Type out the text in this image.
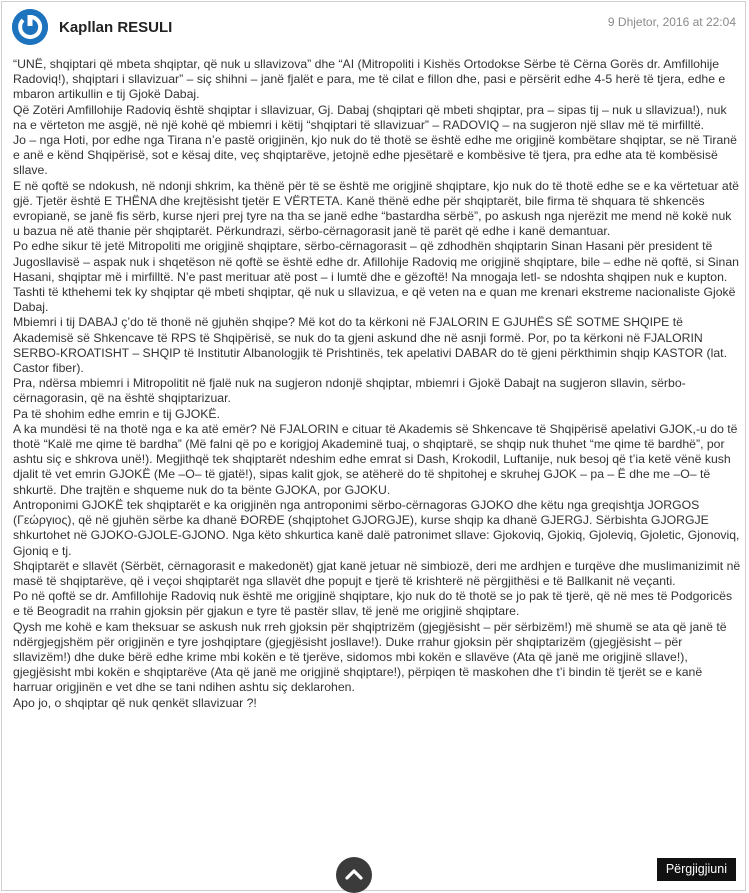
Kapllan RESULI	9 Dhjetor, 2016 at 22:04

“UNË, shqiptari që mbeta shqiptar, që nuk u sllavizova” dhe “AI (Mitropoliti i Kishës Ortodokse Sërbe të Cërna Gorës dr. Amfillohije Radoviq!), shqiptari i sllavizuar” – siç shihni – janë fjalët e para, me të cilat e fillon dhe, pasi e përsërit edhe 4-5 herë të tjera, edhe e mbaron artikullin e tij Gjokë Dabaj.

Që Zotëri Amfillohije Radoviq është shqiptar i sllavizuar, Gj. Dabaj (shqiptari që mbeti shqiptar, pra – sipas tij – nuk u sllavizua!), nuk na e vërteton me asgjë, në një kohë që mbiemri i këtij “shqiptari të sllavizuar” – RADOVIQ – na sugjeron një sllav më të mirfilltë.

Jo – nga Hoti, por edhe nga Tirana n’e pastë origjinën, kjo nuk do të thotë se është edhe me origjinë kombëtare shqiptar, se në Tiranë e anë e kënd Shqipërisë, sot e kësaj dite, veç shqiptarëve, jetojnë edhe pjesëtarë e kombësive të tjera, pra edhe ata të kombësisë sllave.

E në qoftë se ndokush, në ndonji shkrim, ka thënë për të se është me origjinë shqiptare, kjo nuk do të thotë edhe se e ka vërtetuar atë gjë. Tjetër është E THËNA dhe krejtësisht tjetër E VËRTETA. Kanë thënë edhe për shqiptarët, bile firma të shquara të shkencës evropianë, se janë fis sërb, kurse njeri prej tyre na tha se janë edhe “bastardha sërbë”, po askush nga njerëzit me mend në kokë nuk u bazua në atë thanie për shqiptarët. Përkundrazi, sërbo-cërnagorasit janë të parët që edhe i kanë demantuar.

Po edhe sikur të jetë Mitropoliti me origjinë shqiptare, sërbo-cërnagorasit – që zdhodhën shqiptarin Sinan Hasani për president të Jugosllavisë – aspak nuk i shqetëson në qoftë se është edhe dr. Afillohije Radoviq me origjinë shqiptare, bile – edhe në qoftë, si Sinan Hasani, shqiptar më i mirfilltë. N’e past merituar atë post – i lumtë dhe e gëzoftë! Na mnogaja letl- se ndoshta shqipen nuk e kupton.

Tashti të kthehemi tek ky shqiptar që mbeti shqiptar, që nuk u sllavizua, e që veten na e quan me krenari ekstreme nacionaliste Gjokë Dabaj.

Mbiemri i tij DABAJ ç’do të thonë në gjuhën shqipe? Më kot do ta kërkoni në FJALORIN E GJUHËS SË SOTME SHQIPE të Akademisë së Shkencave të RPS të Shqipërisë, se nuk do ta gjeni askund dhe në asnji formë. Por, po ta kërkoni në FJALORIN SERBO-KROATISHT – SHQIP të Institutir Albanologjik të Prishtinës, tek apelativi DABAR do të gjeni përkthimin shqip KASTOR (lat. Castor fiber).

Pra, ndërsa mbiemri i Mitropolitit në fjalë nuk na sugjeron ndonjë shqiptar, mbiemri i Gjokë Dabajt na sugjeron sllavin, sërbo-cërnagorasin, që na është shqiptarizuar.

Pa të shohim edhe emrin e tij GJOKË.

A ka mundësi të na thotë nga e ka atë emër? Në FJALORIN e cituar të Akademis së Shkencave të Shqipërisë apelativi GJOK,-u do të thotë “Kalë me qime të bardha” (Më falni që po e korigjoj Akademinë tuaj, o shqiptarë, se shqip nuk thuhet “me qime të bardhë”, por ashtu siç e shkrova unë!). Megjithqë tek shqiptarët ndeshim edhe emrat si Dash, Krokodil, Luftanije, nuk besoj që t’ia ketë vënë kush djalit të vet emrin GJOKË (Me –O– të gjatë!), sipas kalit gjok, se atëherë do të shpitohej e skruhej GJOK – pa – Ë dhe me –O– të shkurtë. Dhe trajtën e shqueme nuk do ta bënte GJOKA, por GJOKU.

Antroponimi GJOKË tek shqiptarët e ka origjinën nga antroponimi sërbo-cërnagoras GJOKO dhe këtu nga greqishtja JORGOS (Γεώργιος), që në gjuhën sërbe ka dhanë ĐORĐE (shqiptohet GJORGJE), kurse shqip ka dhanë GJERGJ. Sërbishta GJORGJE shkurtohet në GJOKO-GJOLE-GJONO. Nga këto shkurtica kanë dalë patronimet sllave: Gjokoviq, Gjokiq, Gjoleviq, Gjoletic, Gjonoviq, Gjoniq e tj.

Shqiptarët e sllavët (Sërbët, cërnagorasit e makedonët) gjat kanë jetuar në simbiozë, deri me ardhjen e turqëve dhe muslimanizimit në masë të shqiptarëve, që i veçoi shqiptarët nga sllavët dhe popujt e tjerë të krishterë në përgjithësi e të Ballkanit në veçanti.

Po në qoftë se dr. Amfillohije Radoviq nuk është me origjinë shqiptare, kjo nuk do të thotë se jo pak të tjerë, që në mes të Podgoricës e të Beogradit na rrahin gjoksin për gjakun e tyre të pastër sllav, të jenë me origjinë shqiptare.

Qysh me kohë e kam theksuar se askush nuk rreh gjoksin për shqiptrizëm (gjegjësisht – për sërbizëm!) më shumë se ata që janë të ndërgjegjshëm për origjinën e tyre joshqiptare (gjegjësisht josllave!). Duke rrahur gjoksin për shqiptarizëm (gjegjësisht – për sllavizëm!) dhe duke bërë edhe krime mbi kokën e të tjerëve, sidomos mbi kokën e sllavëve (Ata që janë me origjinë sllave!), gjegjësisht mbi kokën e shqiptarëve (Ata që janë me origjinë shqiptare!), përpiqen të maskohen dhe t’i bindin të tjerët se e kanë harruar origjinën e vet dhe se tani ndihen ashtu siç deklarohen.

Apo jo, o shqiptar që nuk qenkët sllavizuar ?!

Përgjigjiuni
